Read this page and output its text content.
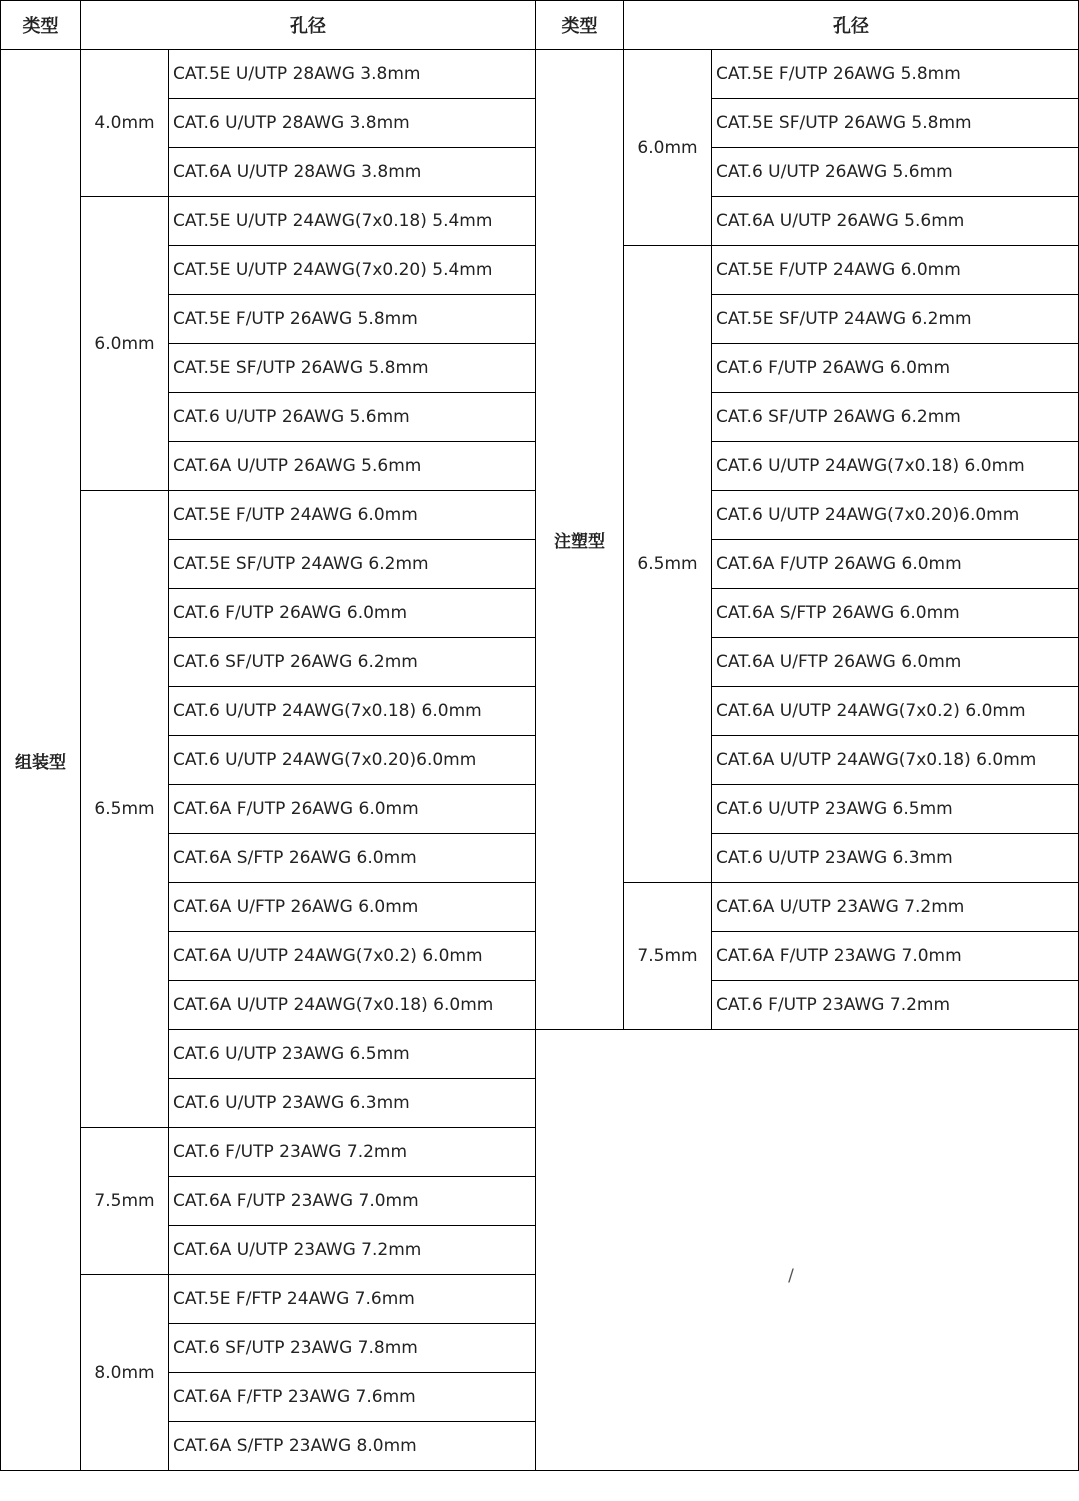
类型	孔径		类型	孔径	
组装型	4.0mm	CAT.5E U/UTP 28AWG 3.8mm	注塑型	6.0mm	CAT.5E F/UTP 26AWG 5.8mm
		CAT.6 U/UTP 28AWG 3.8mm			CAT.5E SF/UTP 26AWG 5.8mm
		CAT.6A U/UTP 28AWG 3.8mm			CAT.6 U/UTP 26AWG 5.6mm
	6.0mm	CAT.5E U/UTP 24AWG(7x0.18) 5.4mm			CAT.6A U/UTP 26AWG 5.6mm
		CAT.5E U/UTP 24AWG(7x0.20) 5.4mm		6.5mm	CAT.5E F/UTP 24AWG 6.0mm
		CAT.5E F/UTP 26AWG 5.8mm			CAT.5E SF/UTP 24AWG 6.2mm
		CAT.5E SF/UTP 26AWG 5.8mm			CAT.6 F/UTP 26AWG 6.0mm
		CAT.6 U/UTP 26AWG 5.6mm			CAT.6 SF/UTP 26AWG 6.2mm
		CAT.6A U/UTP 26AWG 5.6mm			CAT.6 U/UTP 24AWG(7x0.18) 6.0mm
	6.5mm	CAT.5E F/UTP 24AWG 6.0mm			CAT.6 U/UTP 24AWG(7x0.20)6.0mm
		CAT.5E SF/UTP 24AWG 6.2mm			CAT.6A F/UTP 26AWG 6.0mm
		CAT.6 F/UTP 26AWG 6.0mm			CAT.6A S/FTP 26AWG 6.0mm
		CAT.6 SF/UTP 26AWG 6.2mm			CAT.6A U/FTP 26AWG 6.0mm
		CAT.6 U/UTP 24AWG(7x0.18) 6.0mm			CAT.6A U/UTP 24AWG(7x0.2) 6.0mm
		CAT.6 U/UTP 24AWG(7x0.20)6.0mm			CAT.6A U/UTP 24AWG(7x0.18) 6.0mm
		CAT.6A F/UTP 26AWG 6.0mm			CAT.6 U/UTP 23AWG 6.5mm
		CAT.6A S/FTP 26AWG 6.0mm			CAT.6 U/UTP 23AWG 6.3mm
		CAT.6A U/FTP 26AWG 6.0mm		7.5mm	CAT.6A U/UTP 23AWG 7.2mm
		CAT.6A U/UTP 24AWG(7x0.2) 6.0mm			CAT.6A F/UTP 23AWG 7.0mm
		CAT.6A U/UTP 24AWG(7x0.18) 6.0mm			CAT.6 F/UTP 23AWG 7.2mm
		CAT.6 U/UTP 23AWG 6.5mm	/		
		CAT.6 U/UTP 23AWG 6.3mm			
	7.5mm	CAT.6 F/UTP 23AWG 7.2mm			
		CAT.6A F/UTP 23AWG 7.0mm			
		CAT.6A U/UTP 23AWG 7.2mm			
	8.0mm	CAT.5E F/FTP 24AWG 7.6mm			
		CAT.6 SF/UTP 23AWG 7.8mm			
		CAT.6A F/FTP 23AWG 7.6mm			
		CAT.6A S/FTP 23AWG 8.0mm			
